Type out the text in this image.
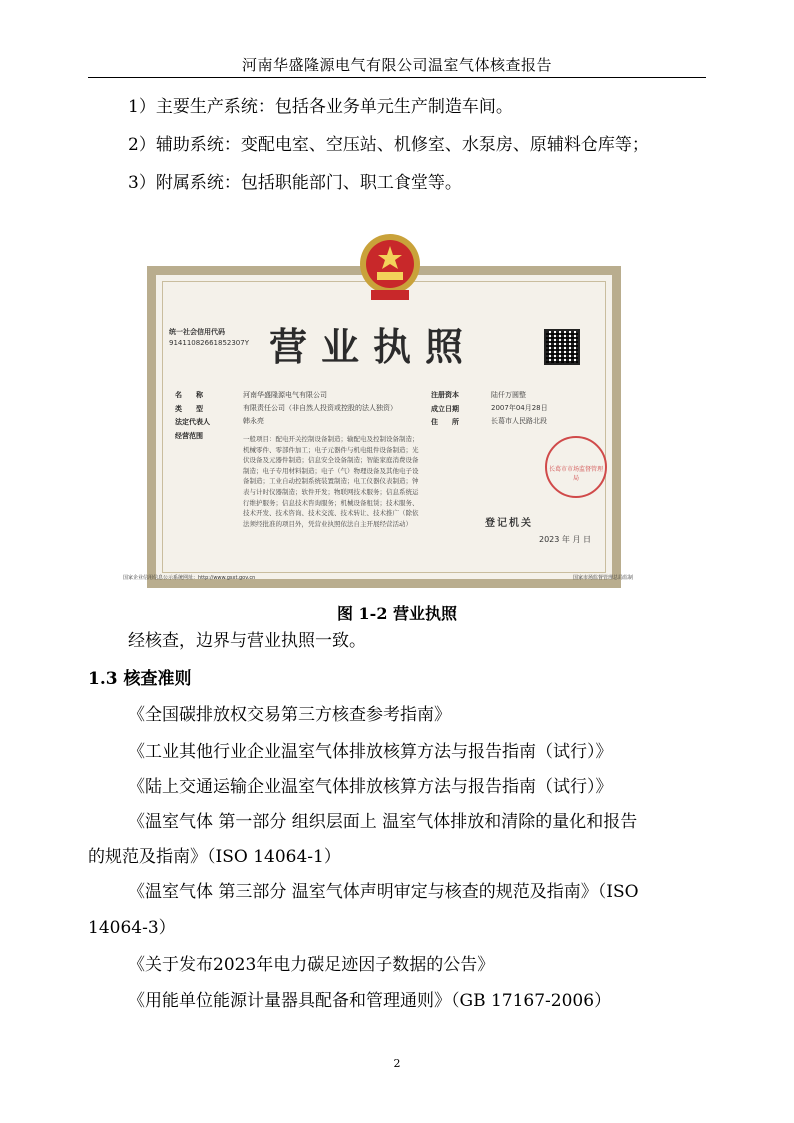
河南华盛隆源电气有限公司温室气体核查报告
1）主要生产系统：包括各业务单元生产制造车间。
2）辅助系统：变配电室、空压站、机修室、水泵房、原辅料仓库等；
3）附属系统：包括职能部门、职工食堂等。
统一社会信用代码
91411082661852307Y 营业执照
名　　称
类　　型
法定代表人
经营范围
河南华盛隆源电气有限公司
有限责任公司（非自然人投资或控股的法人独资）
韩永亮
一般项目：配电开关控制设备制造；输配电及控制设备制造；机械零件、零部件加工；电子元器件与机电组件设备制造；光伏设备及元器件制造；信息安全设备制造；智能家庭消费设备制造；电子专用材料制造；电子（气）物理设备及其他电子设备制造；工业自动控制系统装置制造；电工仪器仪表制造；钟表与计时仪器制造；软件开发；物联网技术服务；信息系统运行维护服务；信息技术咨询服务；机械设备租赁；技术服务、技术开发、技术咨询、技术交流、技术转让、技术推广（除依法须经批准的项目外，凭营业执照依法自主开展经营活动）
注册资本
成立日期
住　　所
陆仟万圆整
2007年04月28日
长葛市人民路北段
长葛市市场监督管理局
登记机关
2023 年 月 日
国家企业信用信息公示系统网址：http://www.gsxt.gov.cn	国家市场监督管理总局监制
图 1-2 营业执照
经核查，边界与营业执照一致。
1.3 核查准则
《全国碳排放权交易第三方核查参考指南》
《工业其他行业企业温室气体排放核算方法与报告指南（试行）》
《陆上交通运输企业温室气体排放核算方法与报告指南（试行）》
《温室气体 第一部分 组织层面上 温室气体排放和清除的量化和报告
的规范及指南》（ISO 14064-1）
《温室气体 第三部分 温室气体声明审定与核查的规范及指南》（ISO
14064-3）
《关于发布2023年电力碳足迹因子数据的公告》
《用能单位能源计量器具配备和管理通则》（GB 17167-2006）
2
